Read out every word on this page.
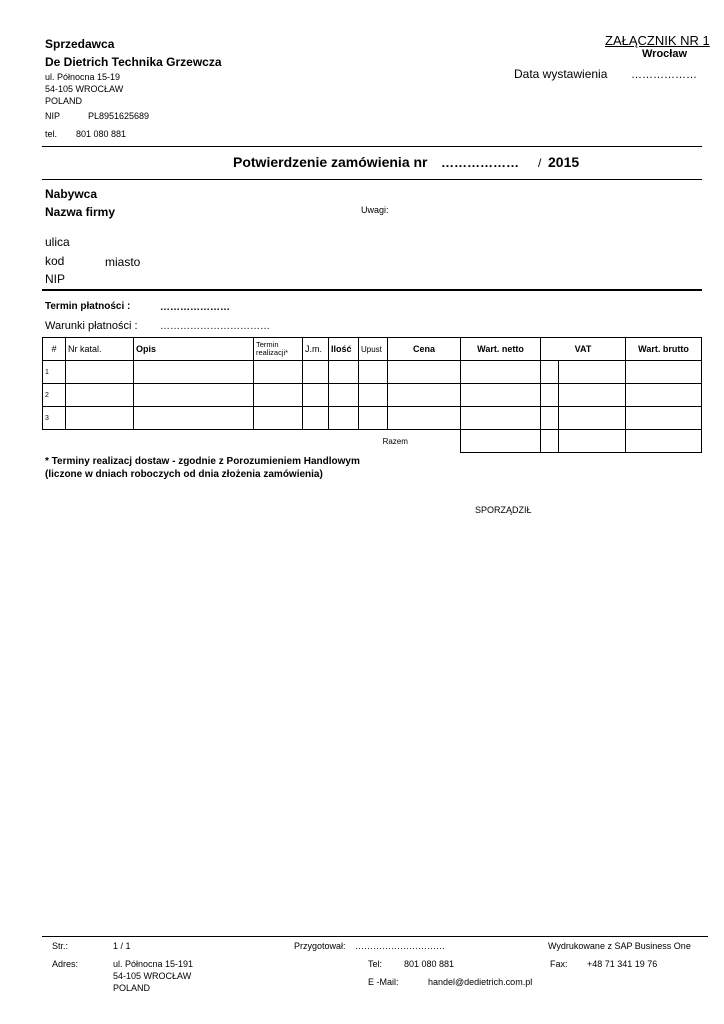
Sprzedawca
De Dietrich Technika Grzewcza
ul. Północna 15-19
54-105 WROCŁAW
POLAND
NIP	PL8951625689
tel. 801 080 881
ZAŁĄCZNIK NR 1
Wrocław
Data wystawienia ………………
Potwierdzenie zamówienia nr ……………… / 2015
Nabywca
Nazwa firmy	Uwagi:
ulica
kod	miasto
NIP
Termin płatności :	…………………
Warunki płatności : ……………………………
#	Nr katal.	Opis	Termin realizacji*	J.m.	Ilość	Upust	Cena	Wart. netto	VAT		Wart. brutto
1											
2											
3											
Razem											
* Terminy realizacj dostaw - zgodnie z Porozumieniem Handlowym
(liczone w dniach roboczych od dnia złożenia zamówienia)
SPORZĄDZIŁ
Str.:	1 / 1	Przygotował: …………………………	Wydrukowane z SAP Business One
Adres:	ul. Północna 15-191
54-105 WROCŁAW
POLAND
Tel: 801 080 881
E -Mail:	handel@dedietrich.com.pl
Fax: +48 71 341 19 76
